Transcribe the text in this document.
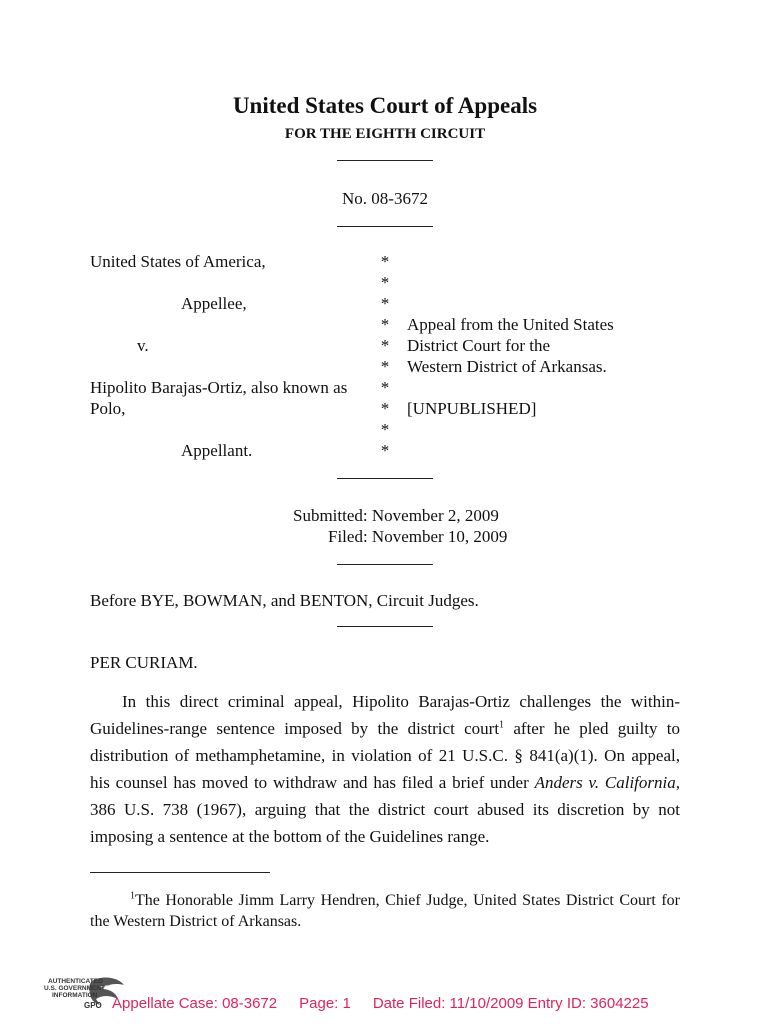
United States Court of Appeals
FOR THE EIGHTH CIRCUIT
No. 08-3672
United States of America,
Appellee,
v.
Hipolito Barajas-Ortiz, also known as
Polo,
Appellant.
*
*
*
*
*
*
*
*
*
*
Appeal from the United States
District Court for the
Western District of Arkansas.
[UNPUBLISHED]
Submitted: November 2, 2009
Filed: November 10, 2009
Before BYE, BOWMAN, and BENTON, Circuit Judges.
PER CURIAM.
In this direct criminal appeal, Hipolito Barajas-Ortiz challenges the within-Guidelines-range sentence imposed by the district court$^1$ after he pled guilty to distribution of methamphetamine, in violation of 21 U.S.C. § 841(a)(1). On appeal, his counsel has moved to withdraw and has filed a brief under Anders v. California, 386 U.S. 738 (1967), arguing that the district court abused its discretion by not imposing a sentence at the bottom of the Guidelines range.
$^1$The Honorable Jimm Larry Hendren, Chief Judge, United States District Court for the Western District of Arkansas.
AUTHENTICATED
U.S. GOVERNMENT
INFORMATION
GPO Appellate Case: 08-3672 Page: 1 Date Filed: 11/10/2009 Entry ID: 3604225
